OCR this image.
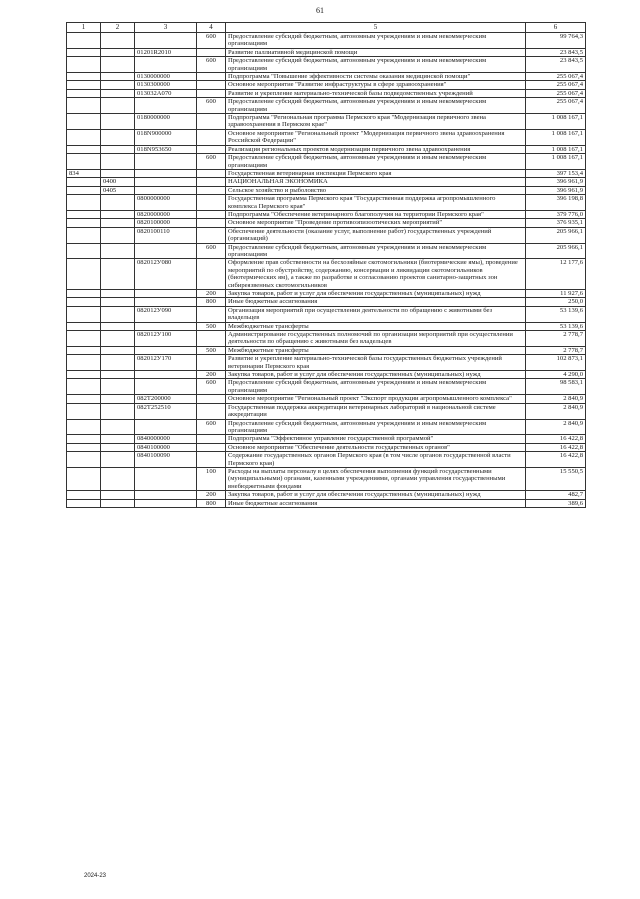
61
1	2	3	4	5	6
			600	Предоставление субсидий бюджетным, автономным учреждениям и иным некоммерческим организациям	99 764,3
		01201R2010		Развитие паллиативной медицинской помощи	23 843,5
			600	Предоставление субсидий бюджетным, автономным учреждениям и иным некоммерческим организациям	23 843,5
		0130000000		Подпрограмма "Повышение эффективности системы оказания медицинской помощи"	255 067,4
		0130300000		Основное мероприятие "Развитие инфраструктуры в сфере здравоохранения"	255 067,4
		013032А070		Развитие и укрепление материально-технической базы подведомственных учреждений	255 067,4
			600	Предоставление субсидий бюджетным, автономным учреждениям и иным некоммерческим организациям	255 067,4
		0180000000		Подпрограмма "Региональная программа Пермского края "Модернизация первичного звена здравоохранения в Пермском крае"	1 008 167,1
		018N900000		Основное мероприятие "Региональный проект "Модернизация первичного звена здравоохранения Российской Федерации"	1 008 167,1
		018N953650		Реализация региональных проектов модернизации первичного звена здравоохранения	1 008 167,1
			600	Предоставление субсидий бюджетным, автономным учреждениям и иным некоммерческим организациям	1 008 167,1
834				Государственная ветеринарная инспекция Пермского края	397 153,4
	0400			НАЦИОНАЛЬНАЯ ЭКОНОМИКА	396 961,9
	0405			Сельское хозяйство и рыболовство	396 961,9
		0800000000		Государственная программа Пермского края "Государственная поддержка агропромышленного комплекса Пермского края"	396 198,8
		0820000000		Подпрограмма "Обеспечение ветеринарного благополучия на территории Пермского края"	379 776,0
		0820100000		Основное мероприятие "Проведение противоэпизоотических мероприятий"	376 935,1
		0820100110		Обеспечение деятельности (оказание услуг, выполнение работ) государственных учреждений (организаций)	205 966,1
			600	Предоставление субсидий бюджетным, автономным учреждениям и иным некоммерческим организациям	205 966,1
		082012У080		Оформление прав собственности на бесхозяйные скотомогильники (биотермические ямы), проведение мероприятий по обустройству, содержанию, консервации и ликвидации скотомогильников (биотермических ям), а также по разработке и согласованию проектов санитарно-защитных зон сибиреязвенных скотомогильников	12 177,6
			200	Закупка товаров, работ и услуг для обеспечения государственных (муниципальных) нужд	11 927,6
			800	Иные бюджетные ассигнования	250,0
		082012У090		Организация мероприятий при осуществлении деятельности по обращению с животными без владельцев	53 139,6
			500	Межбюджетные трансферты	53 139,6
		082012У100		Администрирование государственных полномочий по организации мероприятий при осуществлении деятельности по обращению с животными без владельцев	2 778,7
			500	Межбюджетные трансферты	2 778,7
		082012У170		Развитие и укрепление материально-технической базы государственных бюджетных учреждений ветеринарии Пермского края	102 873,1
			200	Закупка товаров, работ и услуг для обеспечения государственных (муниципальных) нужд	4 290,0
			600	Предоставление субсидий бюджетным, автономным учреждениям и иным некоммерческим организациям	98 583,1
		082Т200000		Основное мероприятие "Региональный проект "Экспорт продукции агропромышленного комплекса"	2 840,9
		082Т252510		Государственная поддержка аккредитации ветеринарных лабораторий в национальной системе аккредитации	2 840,9
			600	Предоставление субсидий бюджетным, автономным учреждениям и иным некоммерческим организациям	2 840,9
		0840000000		Подпрограмма "Эффективное управление государственной программой"	16 422,8
		0840100000		Основное мероприятие "Обеспечение деятельности государственных органов"	16 422,8
		0840100090		Содержание государственных органов Пермского края (в том числе органов государственной власти Пермского края)	16 422,8
			100	Расходы на выплаты персоналу в целях обеспечения выполнения функций государственными (муниципальными) органами, казенными учреждениями, органами управления государственными внебюджетными фондами	15 550,5
			200	Закупка товаров, работ и услуг для обеспечения государственных (муниципальных) нужд	482,7
			800	Иные бюджетные ассигнования	389,6
2024-23
